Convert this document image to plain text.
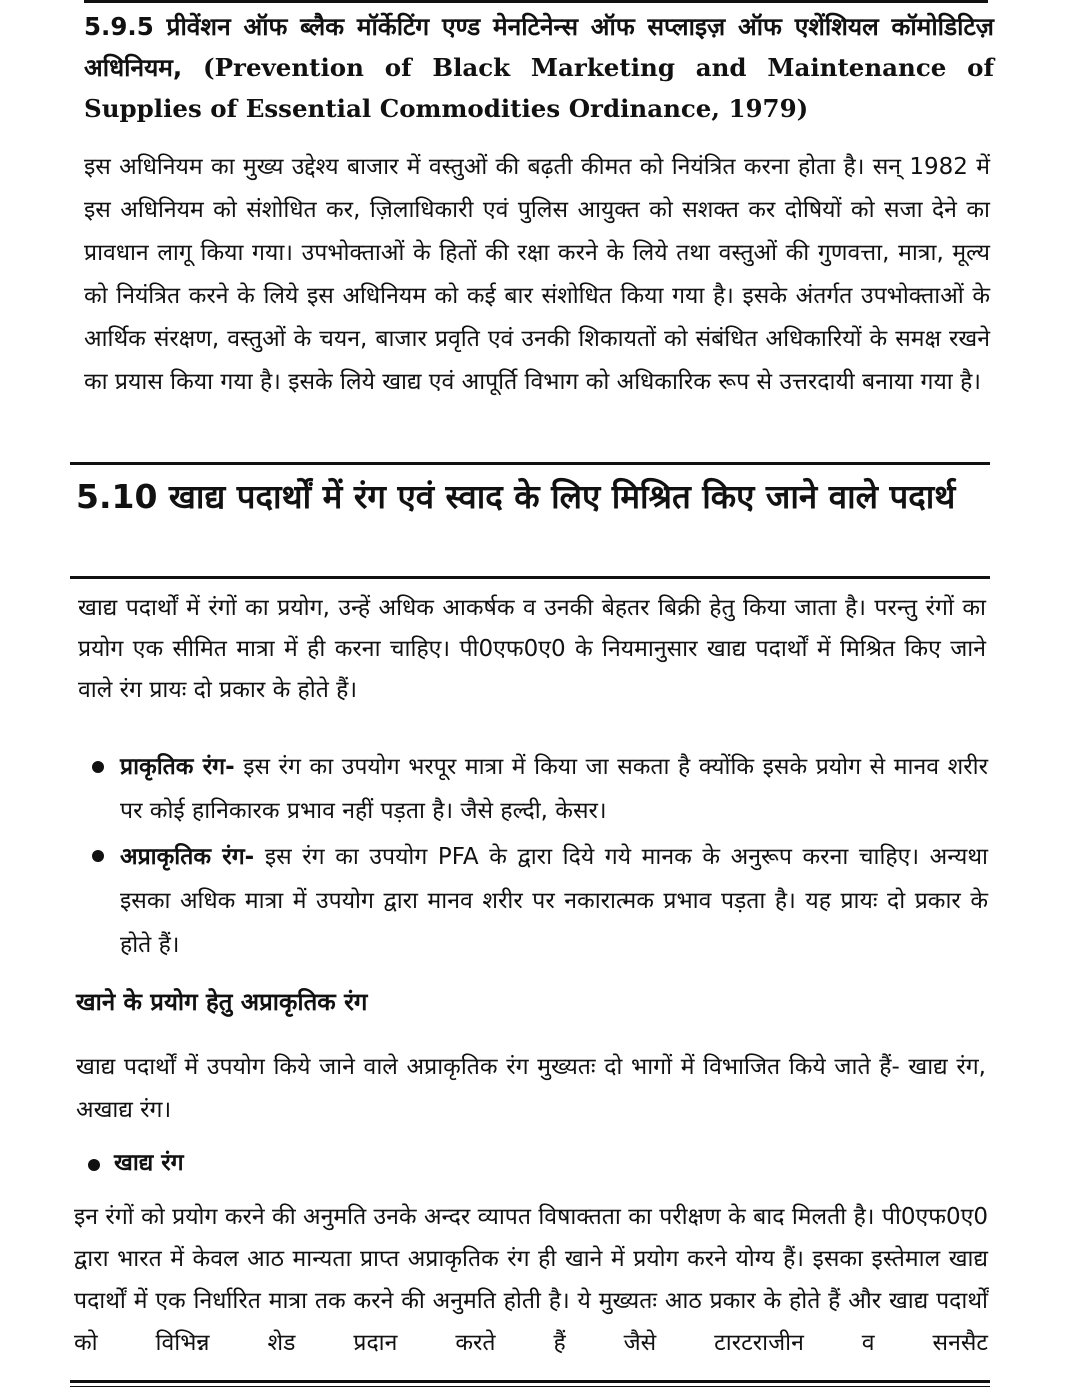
5.9.5 प्रीवेंशन ऑफ ब्लैक मॉर्केटिंग एण्ड मेनटिनेन्स ऑफ सप्लाइज़ ऑफ एशेंशियल कॉमोडिटिज़ अधिनियम, (Prevention of Black Marketing and Maintenance of Supplies of Essential Commodities Ordinance, 1979)
इस अधिनियम का मुख्य उद्देश्य बाजार में वस्तुओं की बढ़ती कीमत को नियंत्रित करना होता है। सन् 1982 में इस अधिनियम को संशोधित कर, ज़िलाधिकारी एवं पुलिस आयुक्त को सशक्त कर दोषियों को सजा देने का प्रावधान लागू किया गया। उपभोक्ताओं के हितों की रक्षा करने के लिये तथा वस्तुओं की गुणवत्ता, मात्रा, मूल्य को नियंत्रित करने के लिये इस अधिनियम को कई बार संशोधित किया गया है। इसके अंतर्गत उपभोक्ताओं के आर्थिक संरक्षण, वस्तुओं के चयन, बाजार प्रवृति एवं उनकी शिकायतों को संबंधित अधिकारियों के समक्ष रखने का प्रयास किया गया है। इसके लिये खाद्य एवं आपूर्ति विभाग को अधिकारिक रूप से उत्तरदायी बनाया गया है।
5.10 खाद्य पदार्थों में रंग एवं स्वाद के लिए मिश्रित किए जाने वाले पदार्थ
खाद्य पदार्थों में रंगों का प्रयोग, उन्हें अधिक आकर्षक व उनकी बेहतर बिक्री हेतु किया जाता है। परन्तु रंगों का प्रयोग एक सीमित मात्रा में ही करना चाहिए। पी0एफ0ए0 के नियमानुसार खाद्य पदार्थों में मिश्रित किए जाने वाले रंग प्रायः दो प्रकार के होते हैं।
प्राकृतिक रंग- इस रंग का उपयोग भरपूर मात्रा में किया जा सकता है क्योंकि इसके प्रयोग से मानव शरीर पर कोई हानिकारक प्रभाव नहीं पड़ता है। जैसे हल्दी, केसर।
अप्राकृतिक रंग- इस रंग का उपयोग PFA के द्वारा दिये गये मानक के अनुरूप करना चाहिए। अन्यथा इसका अधिक मात्रा में उपयोग द्वारा मानव शरीर पर नकारात्मक प्रभाव पड़ता है। यह प्रायः दो प्रकार के होते हैं।
खाने के प्रयोग हेतु अप्राकृतिक रंग
खाद्य पदार्थों में उपयोग किये जाने वाले अप्राकृतिक रंग मुख्यतः दो भागों में विभाजित किये जाते हैं- खाद्य रंग, अखाद्य रंग।
खाद्य रंग
इन रंगों को प्रयोग करने की अनुमति उनके अन्दर व्यापत विषाक्तता का परीक्षण के बाद मिलती है। पी0एफ0ए0 द्वारा भारत में केवल आठ मान्यता प्राप्त अप्राकृतिक रंग ही खाने में प्रयोग करने योग्य हैं। इसका इस्तेमाल खाद्य पदार्थों में एक निर्धारित मात्रा तक करने की अनुमति होती है। ये मुख्यतः आठ प्रकार के होते हैं और खाद्य पदार्थों को विभिन्न शेड प्रदान करते हैं जैसे टारटराजीन व सनसैट
